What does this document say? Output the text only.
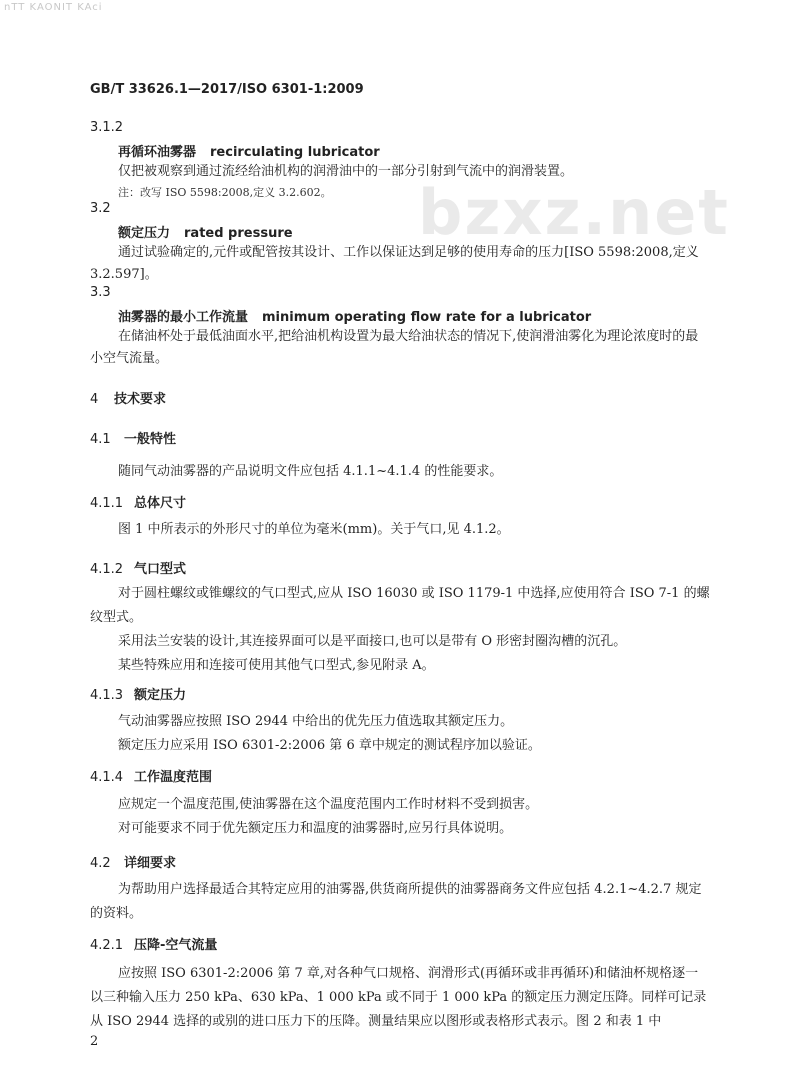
nTT KAONIT KAci
bzxz.net
GB/T 33626.1—2017/ISO 6301-1:2009
3.1.2
再循环油雾器 recirculating lubricator
仅把被观察到通过流经给油机构的润滑油中的一部分引射到气流中的润滑装置。
注：改写 ISO 5598:2008,定义 3.2.602。
3.2
额定压力 rated pressure
通过试验确定的,元件或配管按其设计、工作以保证达到足够的使用寿命的压力[ISO 5598:2008,定义 3.2.597]。
3.3
油雾器的最小工作流量 minimum operating flow rate for a lubricator
在储油杯处于最低油面水平,把给油机构设置为最大给油状态的情况下,使润滑油雾化为理论浓度时的最小空气流量。
4 技术要求
4.1 一般特性
随同气动油雾器的产品说明文件应包括 4.1.1~4.1.4 的性能要求。
4.1.1 总体尺寸
图 1 中所表示的外形尺寸的单位为毫米(mm)。关于气口,见 4.1.2。
4.1.2 气口型式
对于圆柱螺纹或锥螺纹的气口型式,应从 ISO 16030 或 ISO 1179-1 中选择,应使用符合 ISO 7-1 的螺纹型式。
采用法兰安装的设计,其连接界面可以是平面接口,也可以是带有 O 形密封圈沟槽的沉孔。
某些特殊应用和连接可使用其他气口型式,参见附录 A。
4.1.3 额定压力
气动油雾器应按照 ISO 2944 中给出的优先压力值选取其额定压力。
额定压力应采用 ISO 6301-2:2006 第 6 章中规定的测试程序加以验证。
4.1.4 工作温度范围
应规定一个温度范围,使油雾器在这个温度范围内工作时材料不受到损害。
对可能要求不同于优先额定压力和温度的油雾器时,应另行具体说明。
4.2 详细要求
为帮助用户选择最适合其特定应用的油雾器,供货商所提供的油雾器商务文件应包括 4.2.1~4.2.7 规定的资料。
4.2.1 压降-空气流量
应按照 ISO 6301-2:2006 第 7 章,对各种气口规格、润滑形式(再循环或非再循环)和储油杯规格逐一以三种输入压力 250 kPa、630 kPa、1 000 kPa 或不同于 1 000 kPa 的额定压力测定压降。同样可记录从 ISO 2944 选择的或别的进口压力下的压降。测量结果应以图形或表格形式表示。图 2 和表 1 中
2
